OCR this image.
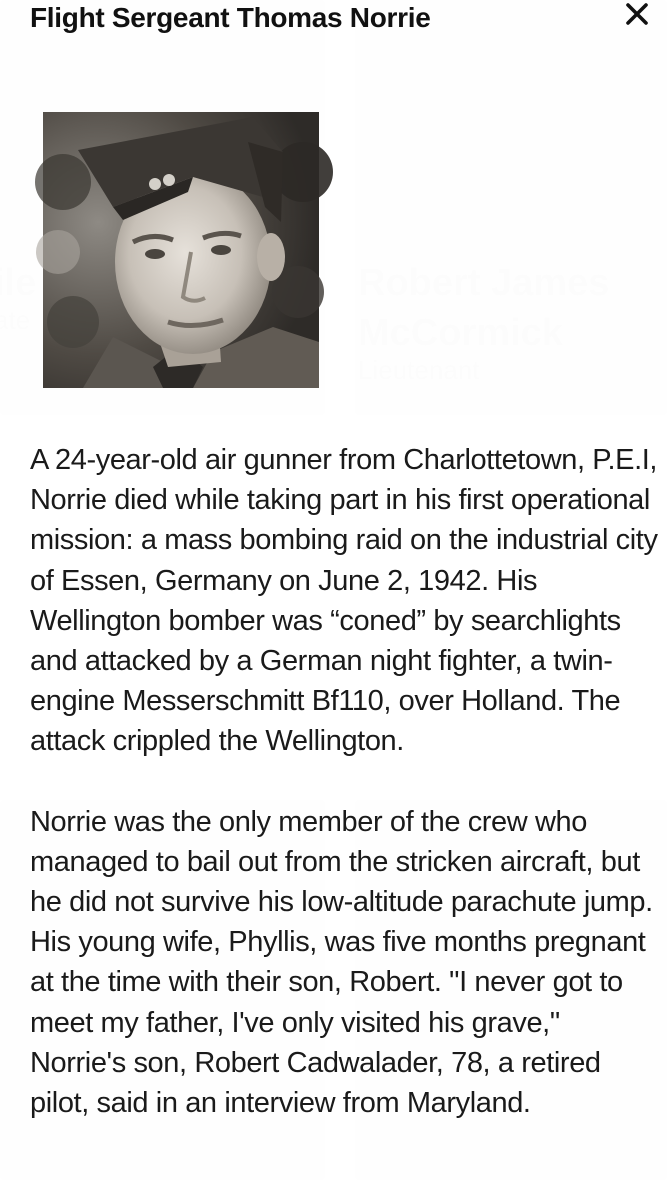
Flight Sergeant Thomas Norrie

A 24-year-old air gunner from Charlottetown, P.E.I, Norrie died while taking part in his first operational mission: a mass bombing raid on the industrial city of Essen, Germany on June 2, 1942. His Wellington bomber was “coned” by searchlights and attacked by a German night fighter, a twin-engine Messerschmitt Bf110, over Holland. The attack crippled the Wellington.

Norrie was the only member of the crew who managed to bail out from the stricken aircraft, but he did not survive his low-altitude parachute jump. His young wife, Phyllis, was five months pregnant at the time with their son, Robert. "I never got to meet my father, I've only visited his grave," Norrie's son, Robert Cadwalader, 78, a retired pilot, said in an interview from Maryland.
